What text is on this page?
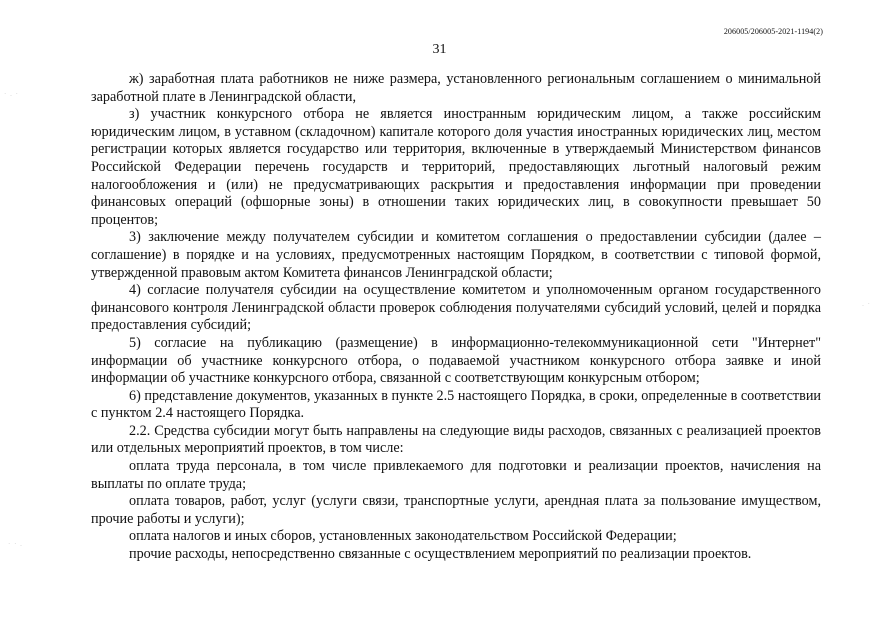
206005/206005-2021-1194(2)
31
· . ·
· · .
. ·

ж) заработная плата работников не ниже размера, установленного региональным соглашением о минимальной заработной плате в Ленинградской области,

з) участник конкурсного отбора не является иностранным юридическим лицом, а также российским юридическим лицом, в уставном (складочном) капитале которого доля участия иностранных юридических лиц, местом регистрации которых является государство или территория, включенные в утверждаемый Министерством финансов Российской Федерации перечень государств и территорий, предоставляющих льготный налоговый режим налогообложения и (или) не предусматривающих раскрытия и предоставления информации при проведении финансовых операций (офшорные зоны) в отношении таких юридических лиц, в совокупности превышает 50 процентов;

3) заключение между получателем субсидии и комитетом соглашения о предоставлении субсидии (далее – соглашение) в порядке и на условиях, предусмотренных настоящим Порядком, в соответствии с типовой формой, утвержденной правовым актом Комитета финансов Ленинградской области;

4) согласие получателя субсидии на осуществление комитетом и уполномоченным органом государственного финансового контроля Ленинградской области проверок соблюдения получателями субсидий условий, целей и порядка предоставления субсидий;

5) согласие на публикацию (размещение) в информационно-телекоммуникационной сети "Интернет" информации об участнике конкурсного отбора, о подаваемой участником конкурсного отбора заявке и иной информации об участнике конкурсного отбора, связанной с соответствующим конкурсным отбором;

6) представление документов, указанных в пункте 2.5 настоящего Порядка, в сроки, определенные в соответствии с пунктом 2.4 настоящего Порядка.

2.2. Средства субсидии могут быть направлены на следующие виды расходов, связанных с реализацией проектов или отдельных мероприятий проектов, в том числе:

оплата труда персонала, в том числе привлекаемого для подготовки и реализации проектов, начисления на выплаты по оплате труда;

оплата товаров, работ, услуг (услуги связи, транспортные услуги, арендная плата за пользование имуществом, прочие работы и услуги);

оплата налогов и иных сборов, установленных законодательством Российской Федерации;

прочие расходы, непосредственно связанные с осуществлением мероприятий по реализации проектов.
